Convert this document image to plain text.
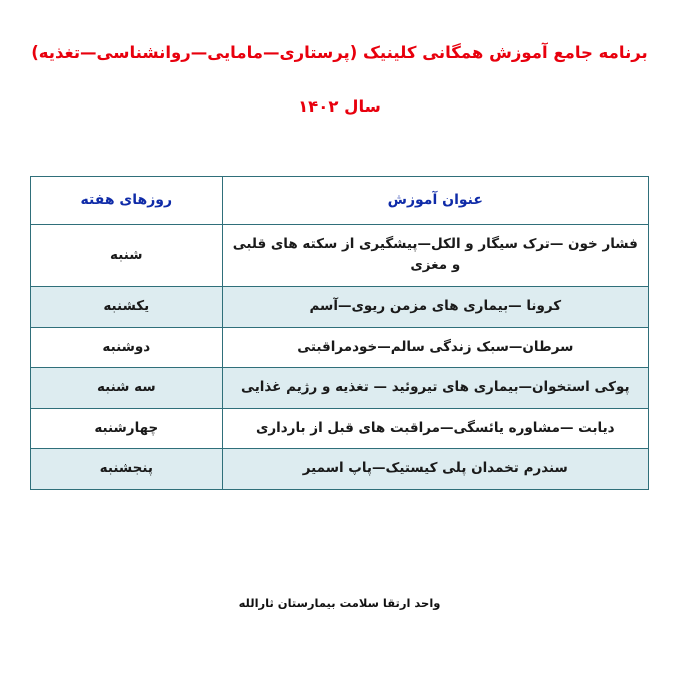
برنامه جامع آموزش همگانی کلینیک (پرستاری—مامایی—روانشناسی—تغذیه)
سال ۱۴۰۲
عنوان آموزش	روزهای هفته
فشار خون —ترک سیگار و الکل—پیشگیری از سکته های قلبی و مغزی	شنبه
کرونا —بیماری های مزمن ریوی—آسم	یکشنبه
سرطان—سبک زندگی سالم—خودمراقبتی	دوشنبه
پوکی استخوان—بیماری های تیروئید — تغذیه و رژیم غذایی	سه شنبه
دیابت —مشاوره یائسگی—مراقبت های قبل از بارداری	چهارشنبه
سندرم تخمدان پلی کیستیک—پاپ اسمیر	پنجشنبه
واحد ارتقا سلامت بیمارستان ثارالله
